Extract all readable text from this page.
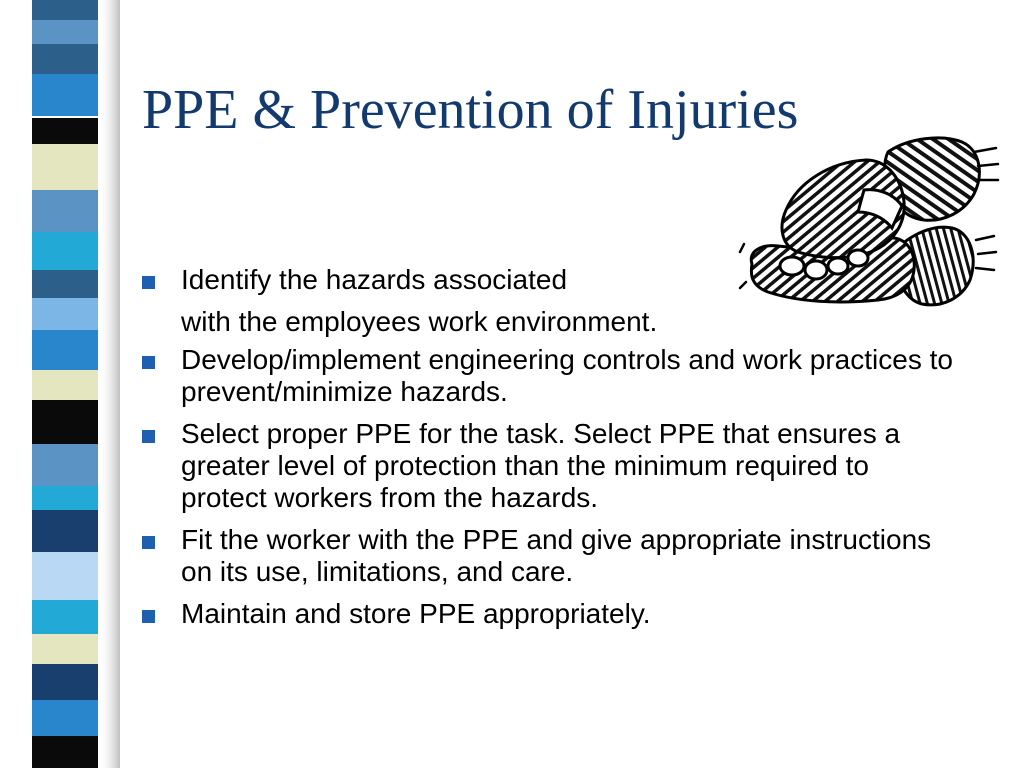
PPE & Prevention of Injuries
Identify the hazards associated
with the employees work environment.
Develop/implement engineering controls and work practices to prevent/minimize hazards.
Select proper PPE for the task. Select PPE that ensures a greater level of protection than the minimum required to protect workers from the hazards.
Fit the worker with the PPE and give appropriate instructions on its use, limitations, and care.
Maintain and store PPE appropriately.
